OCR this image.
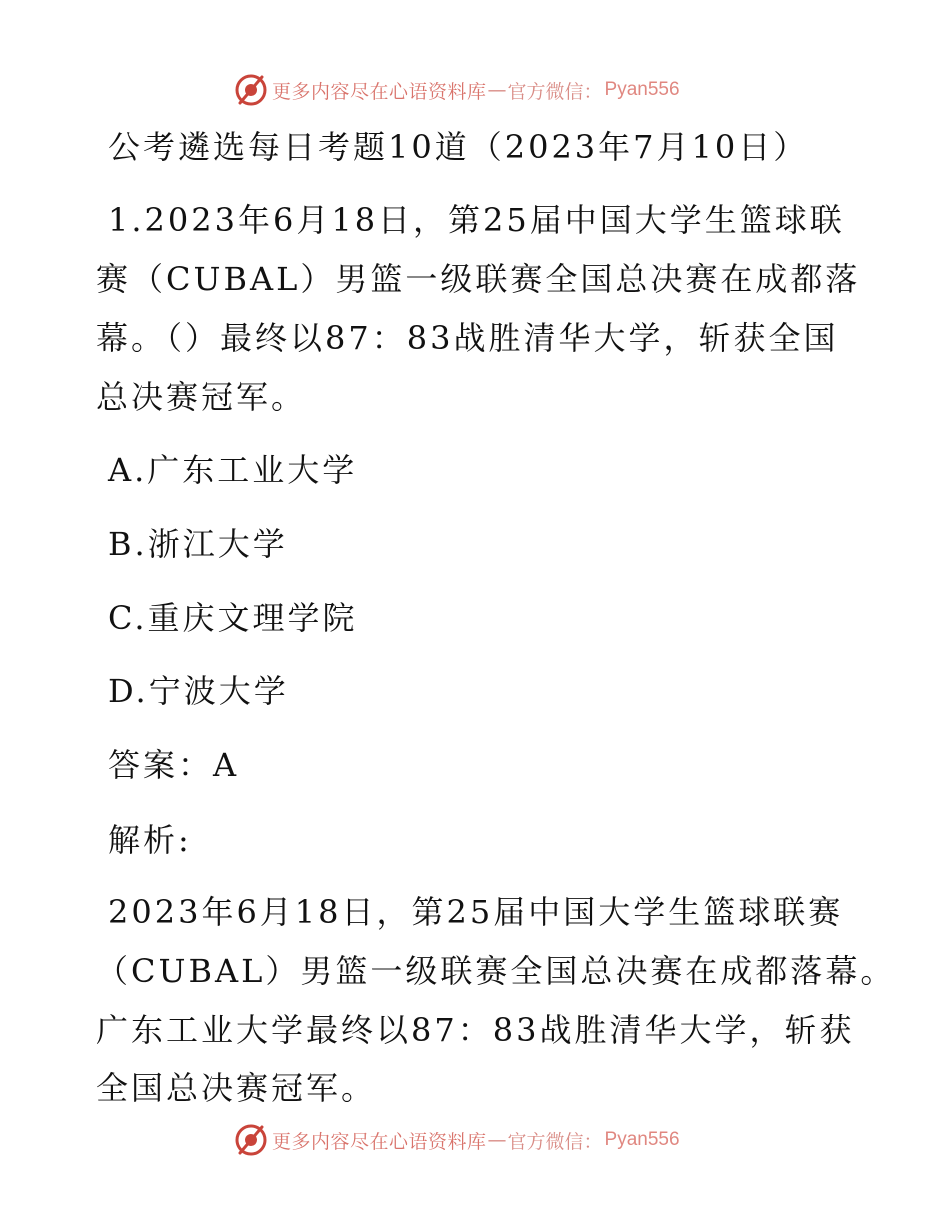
更多内容尽在心语资料库 — 官方微信： Pyan556
公考遴选每日考题10道（2023年7月10日）
1.2023年6月18日，第25届中国大学生篮球联
赛（CUBAL）男篮一级联赛全国总决赛在成都落
幕。（）最终以87：83战胜清华大学，斩获全国
总决赛冠军。
A.广东工业大学
B.浙江大学
C.重庆文理学院
D.宁波大学
答案：A
解析:
2023年6月18日，第25届中国大学生篮球联赛
（CUBAL）男篮一级联赛全国总决赛在成都落幕。
广东工业大学最终以87：83战胜清华大学，斩获
全国总决赛冠军。
更多内容尽在心语资料库 — 官方微信： Pyan556
